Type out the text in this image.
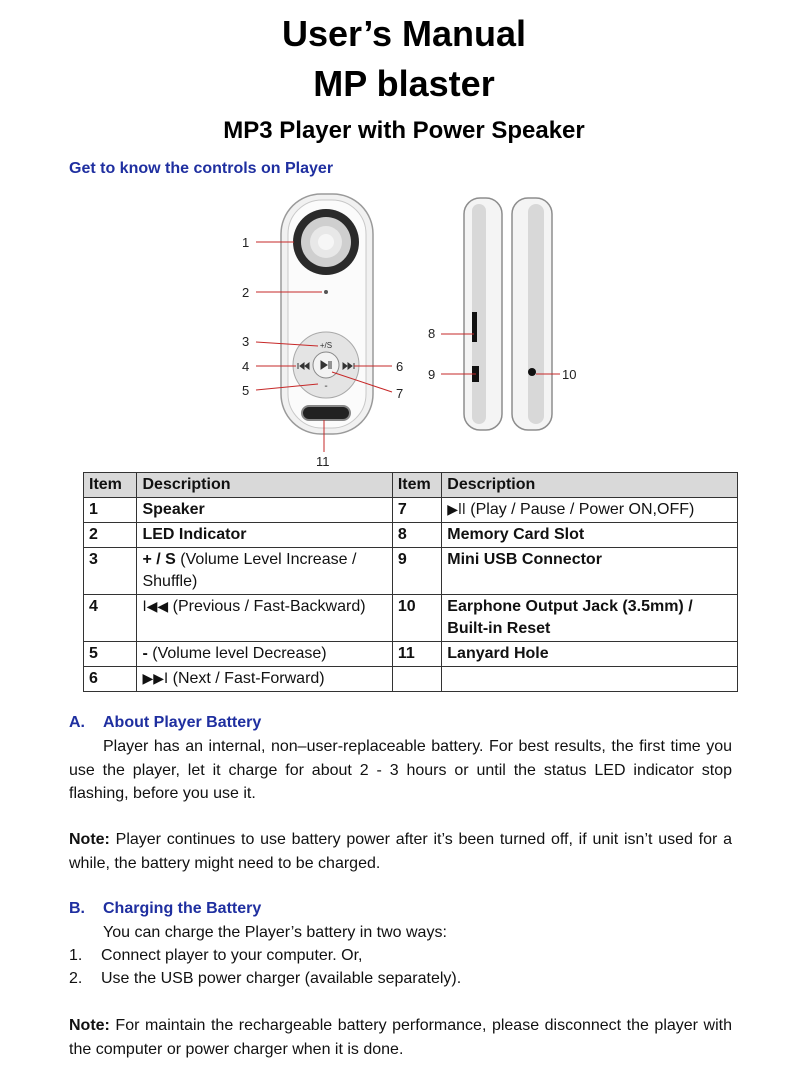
User’s Manual
MP blaster
MP3 Player with Power Speaker
Get to know the controls on Player
+/S
-
1
2
3
4
5
6
7
8
9	10
11
Item	Description	Item	Description
1	Speaker	7	▶ll (Play / Pause / Power ON,OFF)
2	LED Indicator	8	Memory Card Slot
3	+ / S (Volume Level Increase / Shuffle)	9	Mini USB Connector
4	I◀◀ (Previous / Fast-Backward)	10	Earphone Output Jack (3.5mm) / Built-in Reset
5	- (Volume level Decrease)	11	Lanyard Hole
6	▶▶I (Next / Fast-Forward)		
A. About Player Battery
Player has an internal, non–user-replaceable battery. For best results, the first time you use the player, let it charge for about 2 - 3 hours or until the status LED indicator stop flashing, before you use it.
Note: Player continues to use battery power after it’s been turned off, if unit isn’t used for a while, the battery might need to be charged.
B. Charging the Battery
You can charge the Player’s battery in two ways:
1. Connect player to your computer. Or,
2. Use the USB power charger (available separately).
Note: For maintain the rechargeable battery performance, please disconnect the player with the computer or power charger when it is done.
